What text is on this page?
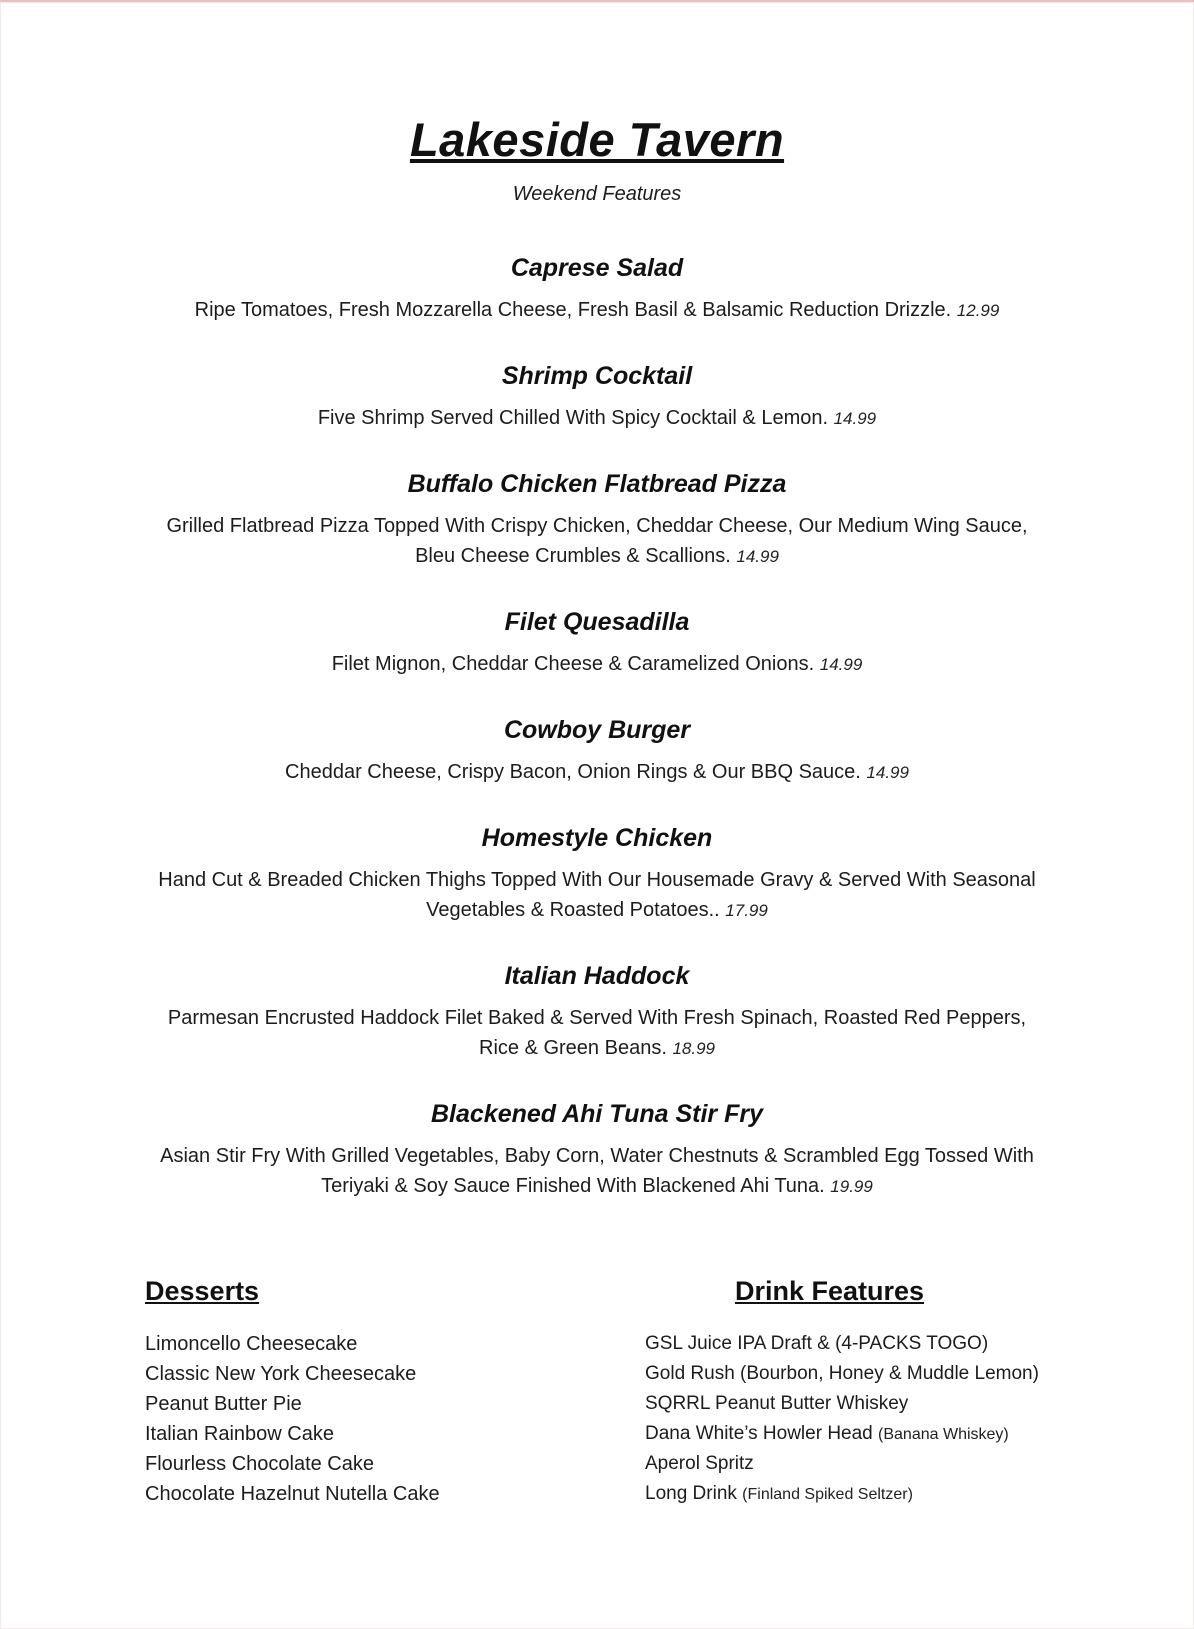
Lakeside Tavern

Weekend Features

Caprese Salad

Ripe Tomatoes, Fresh Mozzarella Cheese, Fresh Basil & Balsamic Reduction Drizzle. 12.99

Shrimp Cocktail

Five Shrimp Served Chilled With Spicy Cocktail & Lemon. 14.99

Buffalo Chicken Flatbread Pizza

Grilled Flatbread Pizza Topped With Crispy Chicken, Cheddar Cheese, Our Medium Wing Sauce, Bleu Cheese Crumbles & Scallions. 14.99

Filet Quesadilla

Filet Mignon, Cheddar Cheese & Caramelized Onions. 14.99

Cowboy Burger

Cheddar Cheese, Crispy Bacon, Onion Rings & Our BBQ Sauce. 14.99

Homestyle Chicken

Hand Cut & Breaded Chicken Thighs Topped With Our Housemade Gravy & Served With Seasonal Vegetables & Roasted Potatoes.. 17.99

Italian Haddock

Parmesan Encrusted Haddock Filet Baked & Served With Fresh Spinach, Roasted Red Peppers, Rice & Green Beans. 18.99

Blackened Ahi Tuna Stir Fry

Asian Stir Fry With Grilled Vegetables, Baby Corn, Water Chestnuts & Scrambled Egg Tossed With Teriyaki & Soy Sauce Finished With Blackened Ahi Tuna. 19.99

Desserts
Limoncello Cheesecake
Classic New York Cheesecake
Peanut Butter Pie
Italian Rainbow Cake
Flourless Chocolate Cake
Chocolate Hazelnut Nutella Cake
Drink Features
GSL Juice IPA Draft & (4-PACKS TOGO)
Gold Rush (Bourbon, Honey & Muddle Lemon)
SQRRL Peanut Butter Whiskey
Dana White’s Howler Head (Banana Whiskey)
Aperol Spritz
Long Drink (Finland Spiked Seltzer)
